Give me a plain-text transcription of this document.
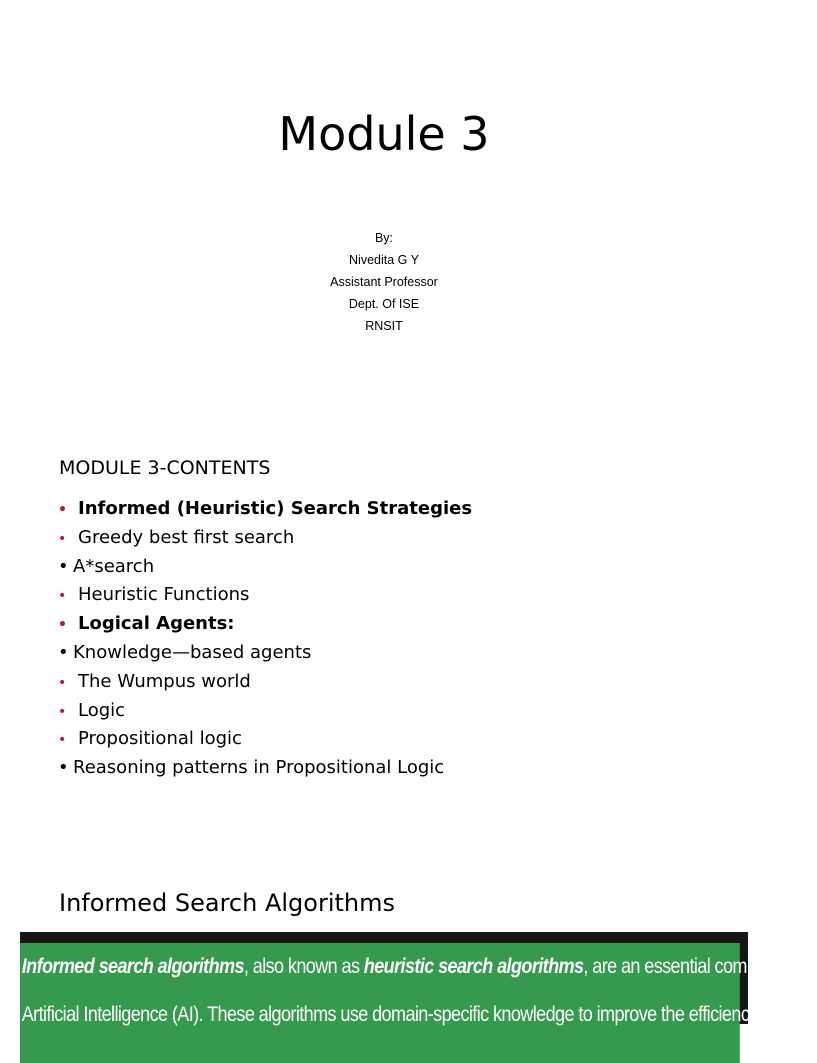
Module 3
By:
Nivedita G Y
Assistant Professor
Dept. Of ISE
RNSIT
MODULE 3-CONTENTS
• Informed (Heuristic) Search Strategies
• Greedy best first search
• A*search
• Heuristic Functions
• Logical Agents:
• Knowledge—based agents
• The Wumpus world
• Logic
• Propositional logic
• Reasoning patterns in Propositional Logic
Informed Search Algorithms
Informed search algorithms, also known as heuristic search algorithms, are an essential component of
Artificial Intelligence (AI). These algorithms use domain-specific knowledge to improve the efficiency of
